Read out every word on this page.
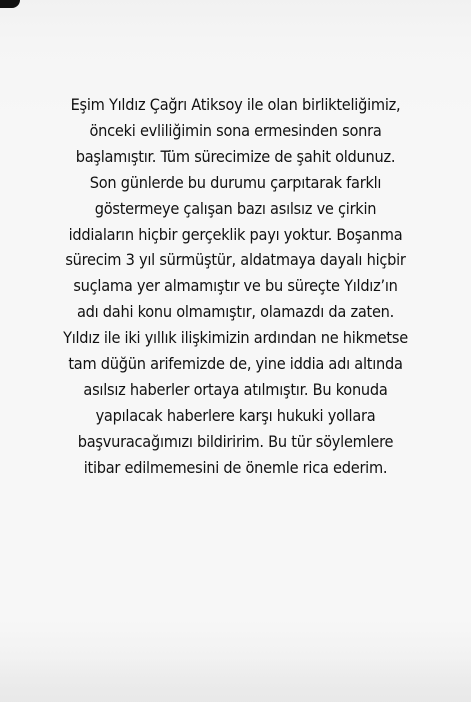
Eşim Yıldız Çağrı Atiksoy ile olan birlikteliğimiz,
önceki evliliğimin sona ermesinden sonra
başlamıştır. Tüm sürecimize de şahit oldunuz.
Son günlerde bu durumu çarpıtarak farklı
göstermeye çalışan bazı asılsız ve çirkin
iddiaların hiçbir gerçeklik payı yoktur. Boşanma
sürecim 3 yıl sürmüştür, aldatmaya dayalı hiçbir
suçlama yer almamıştır ve bu süreçte Yıldız’ın
adı dahi konu olmamıştır, olamazdı da zaten.
Yıldız ile iki yıllık ilişkimizin ardından ne hikmetse
tam düğün arifemizde de, yine iddia adı altında
asılsız haberler ortaya atılmıştır. Bu konuda
yapılacak haberlere karşı hukuki yollara
başvuracağımızı bildiririm. Bu tür söylemlere
itibar edilmemesini de önemle rica ederim.
